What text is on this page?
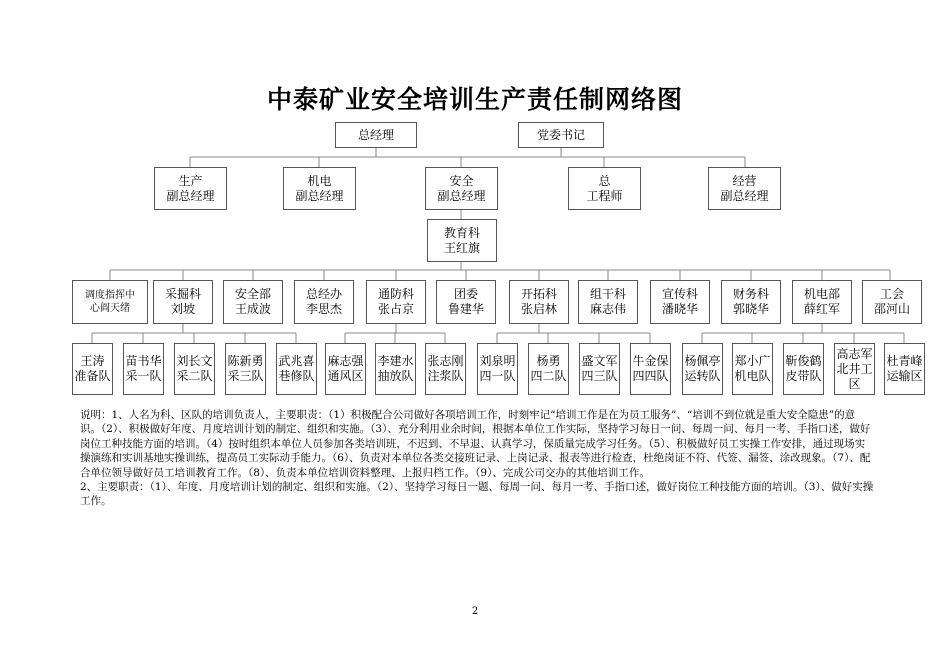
中泰矿业安全培训生产责任制网络图
总经理	党委书记
生产
副总经理
机电
副总经理
安全
副总经理
总
工程师
经营
副总经理
教育科
王红旗
调度指挥中
心阎天绪
采掘科
刘坡
安全部
王成波
总经办
李思杰
通防科
张占京
团委
鲁建华
开拓科
张启林
组干科
麻志伟
宣传科
潘晓华
财务科
郭晓华
机电部
薛红军
工会
邵河山
王涛
准备队
苗书华
采一队
刘长文
采二队
陈新勇
采三队
武兆喜
巷修队
麻志强
通风区
李建水
抽放队
张志刚
注浆队
刘泉明
四一队
杨勇
四二队
盛文军
四三队
牛金保
四四队
杨佩亭
运转队
郑小广
机电队
靳俊鹤
皮带队
高志军
北井工
区
杜青峰
运输区

说明：1、人名为科、区队的培训负责人，主要职责：（1）积极配合公司做好各项培训工作，时刻牢记“培训工作是在为员工服务”、“培训不到位就是重大安全隐患”的意识。（2）、积极做好年度、月度培训计划的制定、组织和实施。（3）、充分利用业余时间，根据本单位工作实际，坚持学习每日一问、每周一问、每月一考、手指口述，做好岗位工种技能方面的培训。（4）按时组织本单位人员参加各类培训班，不迟到、不早退、认真学习，保质量完成学习任务。（5）、积极做好员工实操工作安排，通过现场实操演练和实训基地实操训练，提高员工实际动手能力。（6）、负责对本单位各类交接班记录、上岗记录、报表等进行检查，杜绝岗证不符、代签、漏签、涂改现象。（7）、配合单位领导做好员工培训教育工作。（8）、负责本单位培训资料整理、上报归档工作。（9）、完成公司交办的其他培训工作。

2、主要职责：（1）、年度、月度培训计划的制定、组织和实施。（2）、坚持学习每日一题、每周一问、每月一考、手指口述，做好岗位工种技能方面的培训。（3）、做好实操工作。

2
